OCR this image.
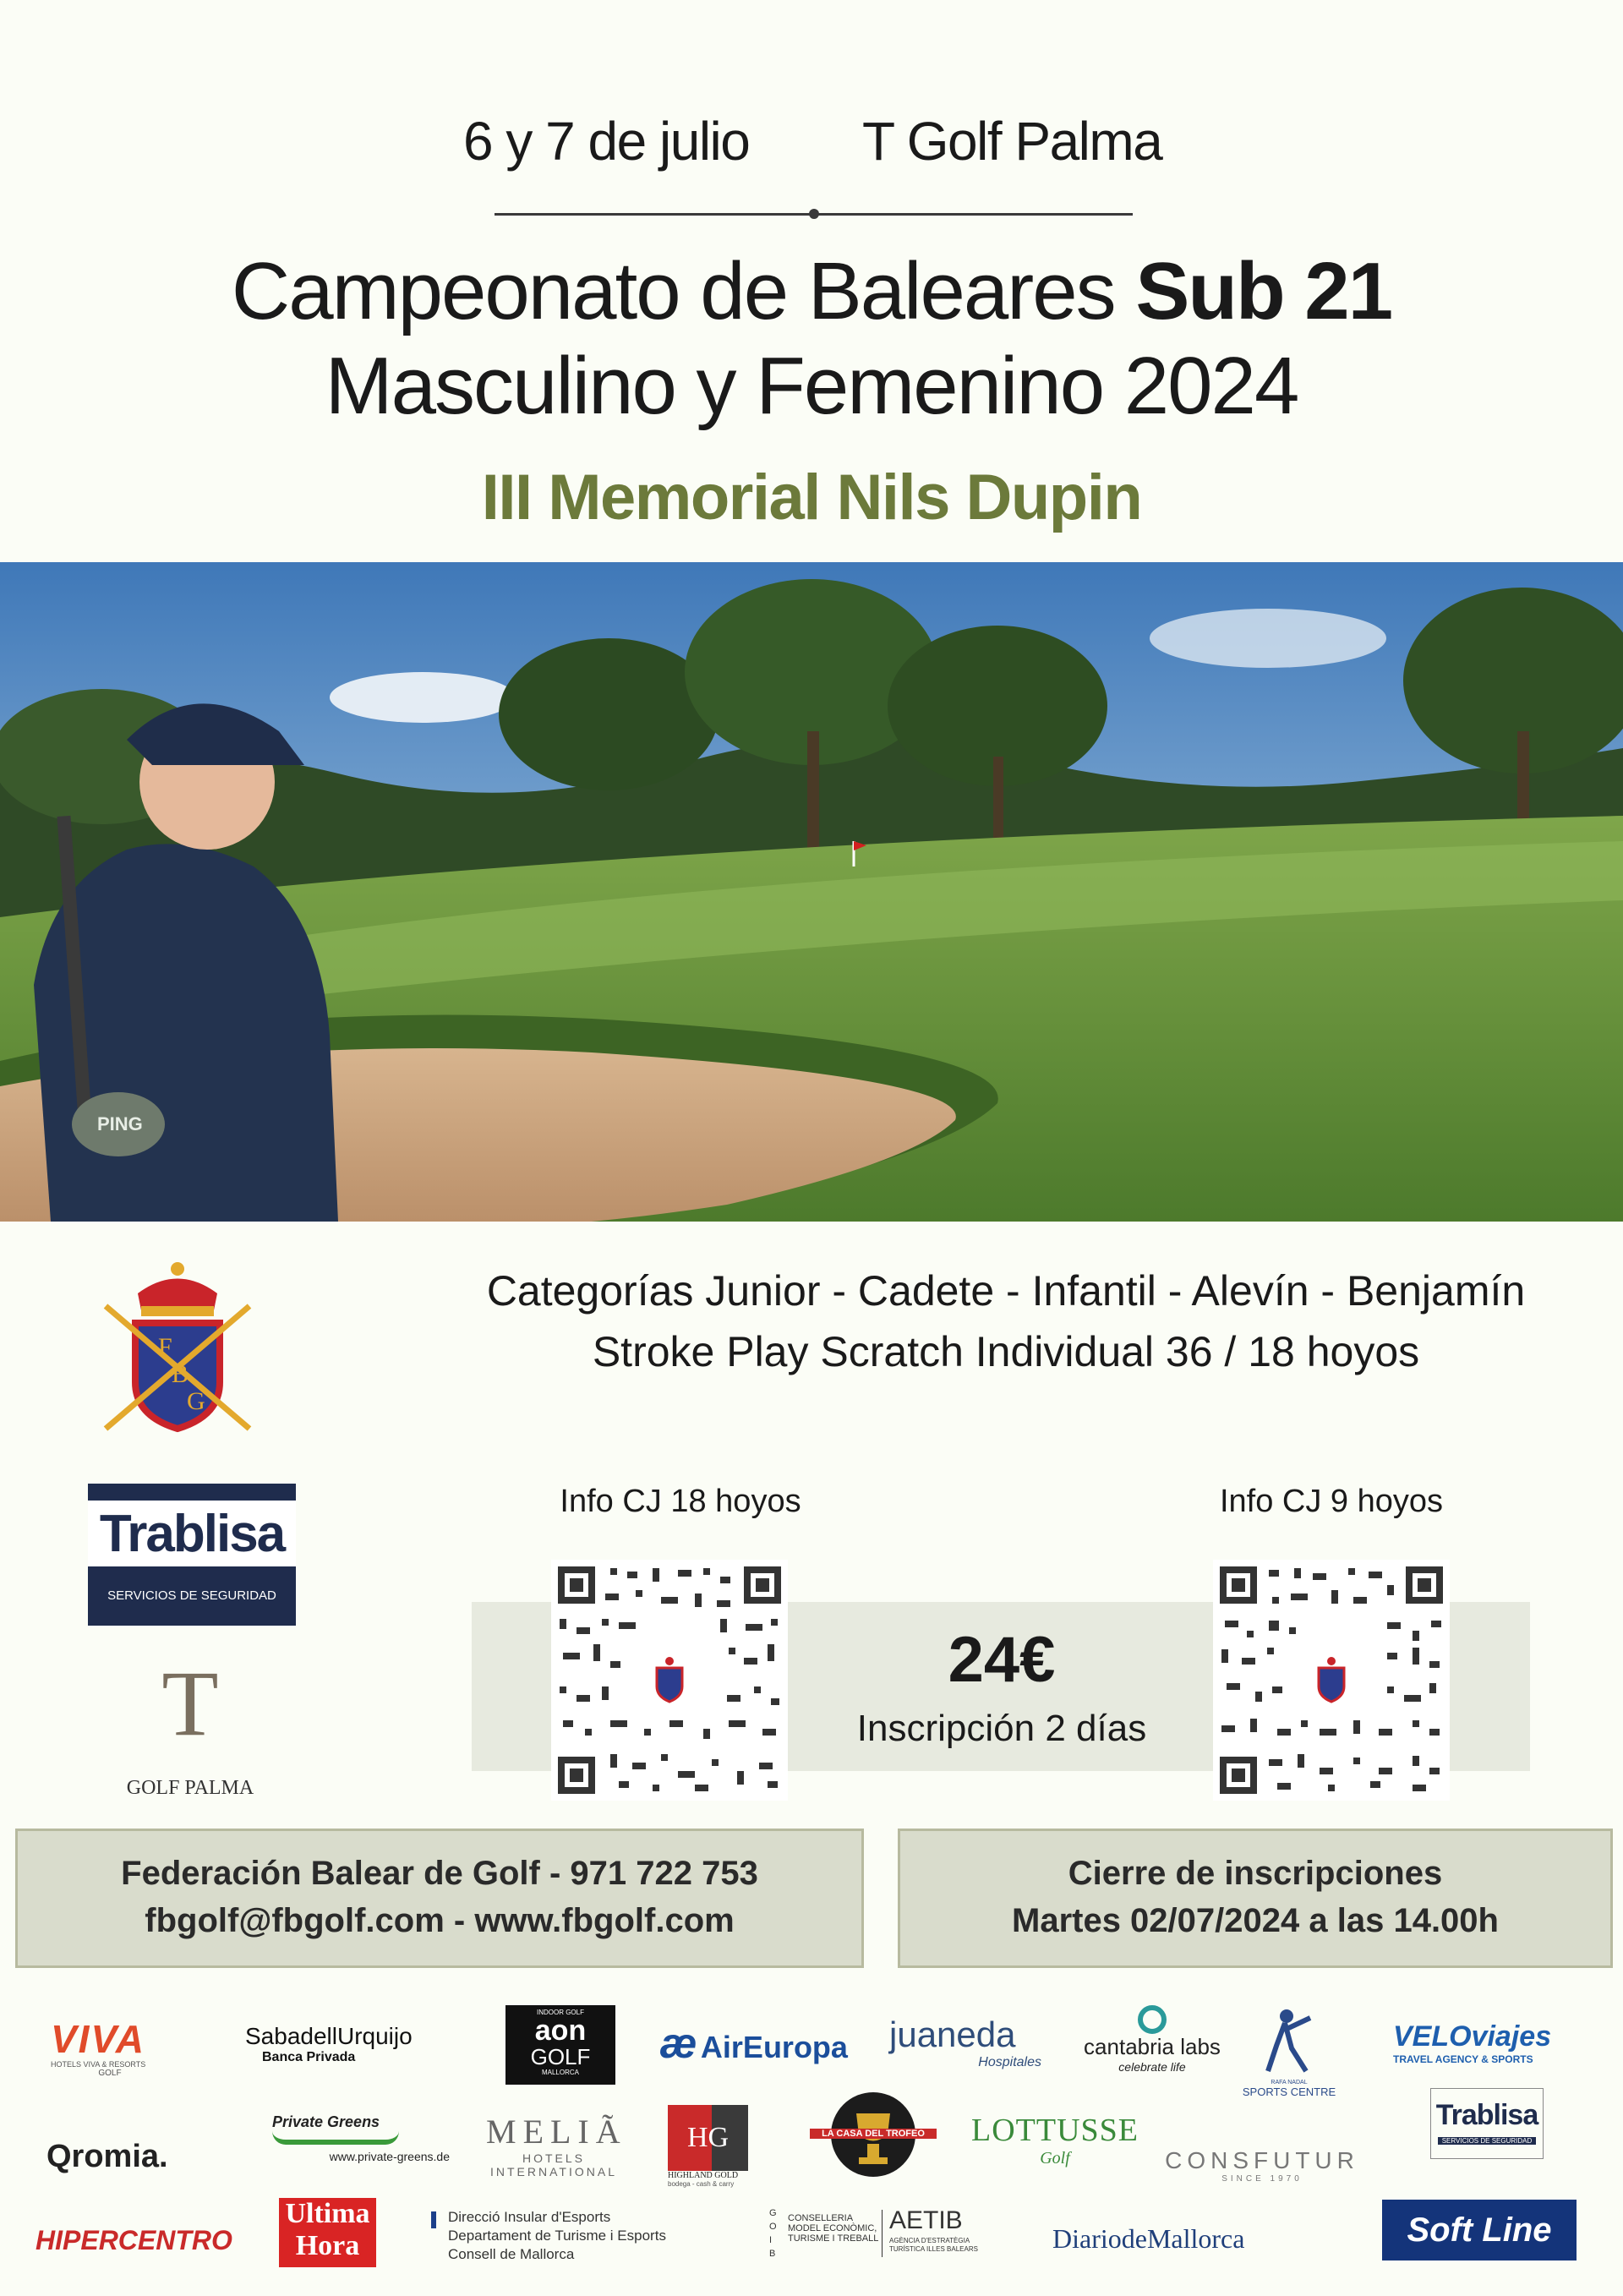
6 y 7 de julio T Golf Palma
Campeonato de Baleares Sub 21
Masculino y Femenino 2024
III Memorial Nils Dupin
PING
F
B
G
Trablisa
SERVICIOS DE SEGURIDAD
T
GOLF PALMA
Categorías Junior - Cadete - Infantil - Alevín - Benjamín
Stroke Play Scratch Individual 36 / 18 hoyos
Info CJ 18 hoyos	Info CJ 9 hoyos
24€
Inscripción 2 días
Federación Balear de Golf - 971 722 753
fbgolf@fbgolf.com - www.fbgolf.com
Cierre de inscripciones
Martes 02/07/2024 a las 14.00h
VIVA
HOTELS VIVA & RESORTS
GOLF
SabadellUrquijo
Banca Privada
INDOOR GOLF
aon
GOLF
MALLORCA
æ AirEuropa	juaneda
Hospitales
cantabria labs
celebrate life
RAFA NADAL
SPORTS CENTRE
VELOviajes
TRAVEL AGENCY & SPORTS
Qromia.
Private Greens
www.private-greens.de
MELIÃ
HOTELS
INTERNATIONAL
HG
HIGHLAND GOLD
bodega - cash & carry
LA CASA DEL TROFEO	LOTTUSSE
Golf	CONSFUTUR
SINCE 1970
Trablisa
SERVICIOS DE SEGURIDAD
HIPERCENTRO
Ultima
Hora
Direcció Insular d'Esports
Departament de Turisme i Esports
Consell de Mallorca
G O I B
CONSELLERIA
MODEL ECONÒMIC,
TURISME I TREBALL
AETIB
AGÈNCIA D'ESTRATÈGIA
TURÍSTICA ILLES BALEARS	DiariodeMallorca	Soft Line
